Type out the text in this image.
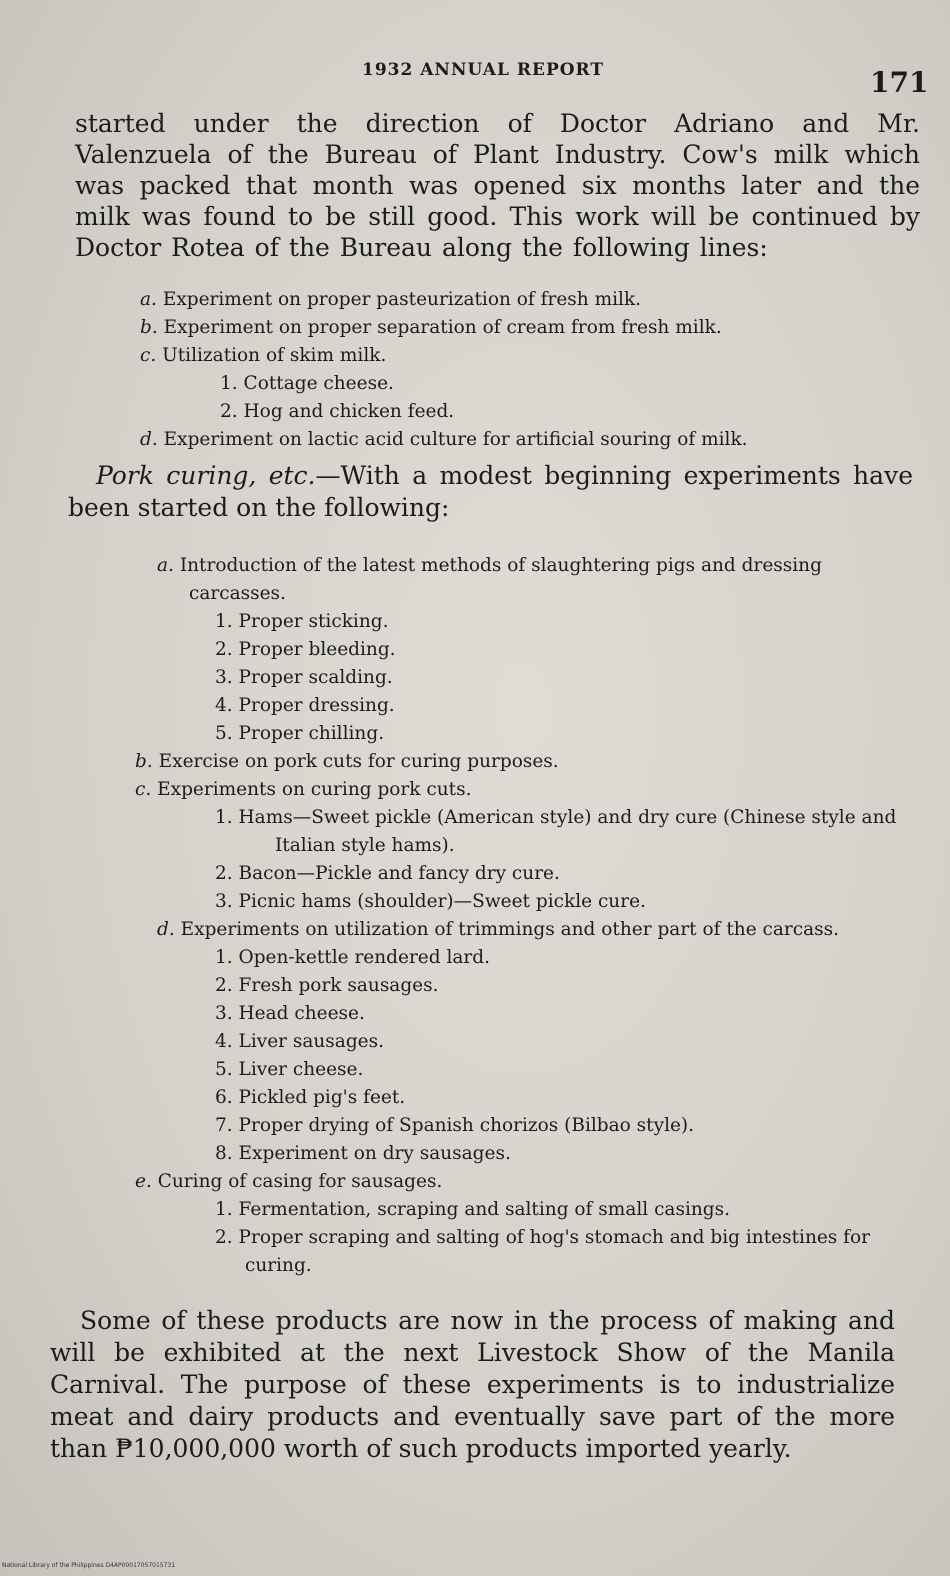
1932 ANNUAL REPORT	171

started under the direction of Doctor Adriano and Mr. Valenzuela of the Bureau of Plant Industry. Cow's milk which was packed that month was opened six months later and the milk was found to be still good. This work will be continued by Doctor Rotea of the Bureau along the following lines:

a. Experiment on proper pasteurization of fresh milk.
b. Experiment on proper separation of cream from fresh milk.
c. Utilization of skim milk.
1. Cottage cheese.
2. Hog and chicken feed.
d. Experiment on lactic acid culture for artificial souring of milk.

Pork curing, etc.—With a modest beginning experiments have been started on the following:

a. Introduction of the latest methods of slaughtering pigs and dressing carcasses.
1. Proper sticking.
2. Proper bleeding.
3. Proper scalding.
4. Proper dressing.
5. Proper chilling.
b. Exercise on pork cuts for curing purposes.
c. Experiments on curing pork cuts.
1. Hams—Sweet pickle (American style) and dry cure (Chinese style and Italian style hams).
2. Bacon—Pickle and fancy dry cure.
3. Picnic hams (shoulder)—Sweet pickle cure.
d. Experiments on utilization of trimmings and other part of the carcass.
1. Open-kettle rendered lard.
2. Fresh pork sausages.
3. Head cheese.
4. Liver sausages.
5. Liver cheese.
6. Pickled pig's feet.
7. Proper drying of Spanish chorizos (Bilbao style).
8. Experiment on dry sausages.
e. Curing of casing for sausages.
1. Fermentation, scraping and salting of small casings.
2. Proper scraping and salting of hog's stomach and big intestines for curing.

Some of these products are now in the process of making and will be exhibited at the next Livestock Show of the Manila Carnival. The purpose of these experiments is to industrialize meat and dairy products and eventually save part of the more than ₱10,000,000 worth of such products imported yearly.

National Library of the Philippines D4AP00017057015731
